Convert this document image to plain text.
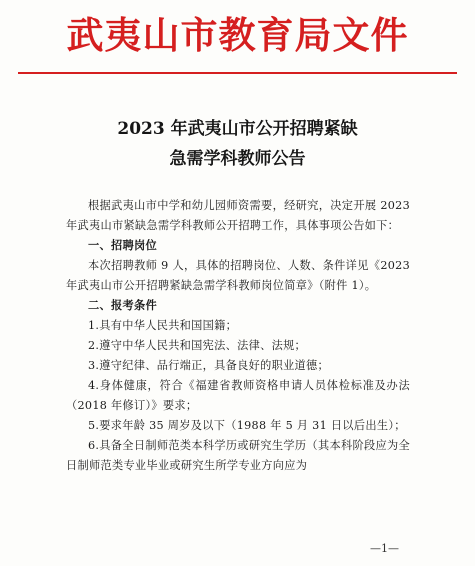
武夷山市教育局文件
2023 年武夷山市公开招聘紧缺
急需学科教师公告

根据武夷山市中学和幼儿园师资需要，经研究，决定开展 2023 年武夷山市紧缺急需学科教师公开招聘工作，具体事项公告如下：

一、招聘岗位

本次招聘教师 9 人，具体的招聘岗位、人数、条件详见《2023 年武夷山市公开招聘紧缺急需学科教师岗位简章》（附件 1）。

二、报考条件

1.具有中华人民共和国国籍；

2.遵守中华人民共和国宪法、法律、法规；

3.遵守纪律、品行端正，具备良好的职业道德；

4.身体健康，符合《福建省教师资格申请人员体检标准及办法（2018 年修订）》要求；

5.要求年龄 35 周岁及以下（1988 年 5 月 31 日以后出生）；

6.具备全日制师范类本科学历或研究生学历（其本科阶段应为全日制师范类专业毕业或研究生所学专业方向应为

—1—
